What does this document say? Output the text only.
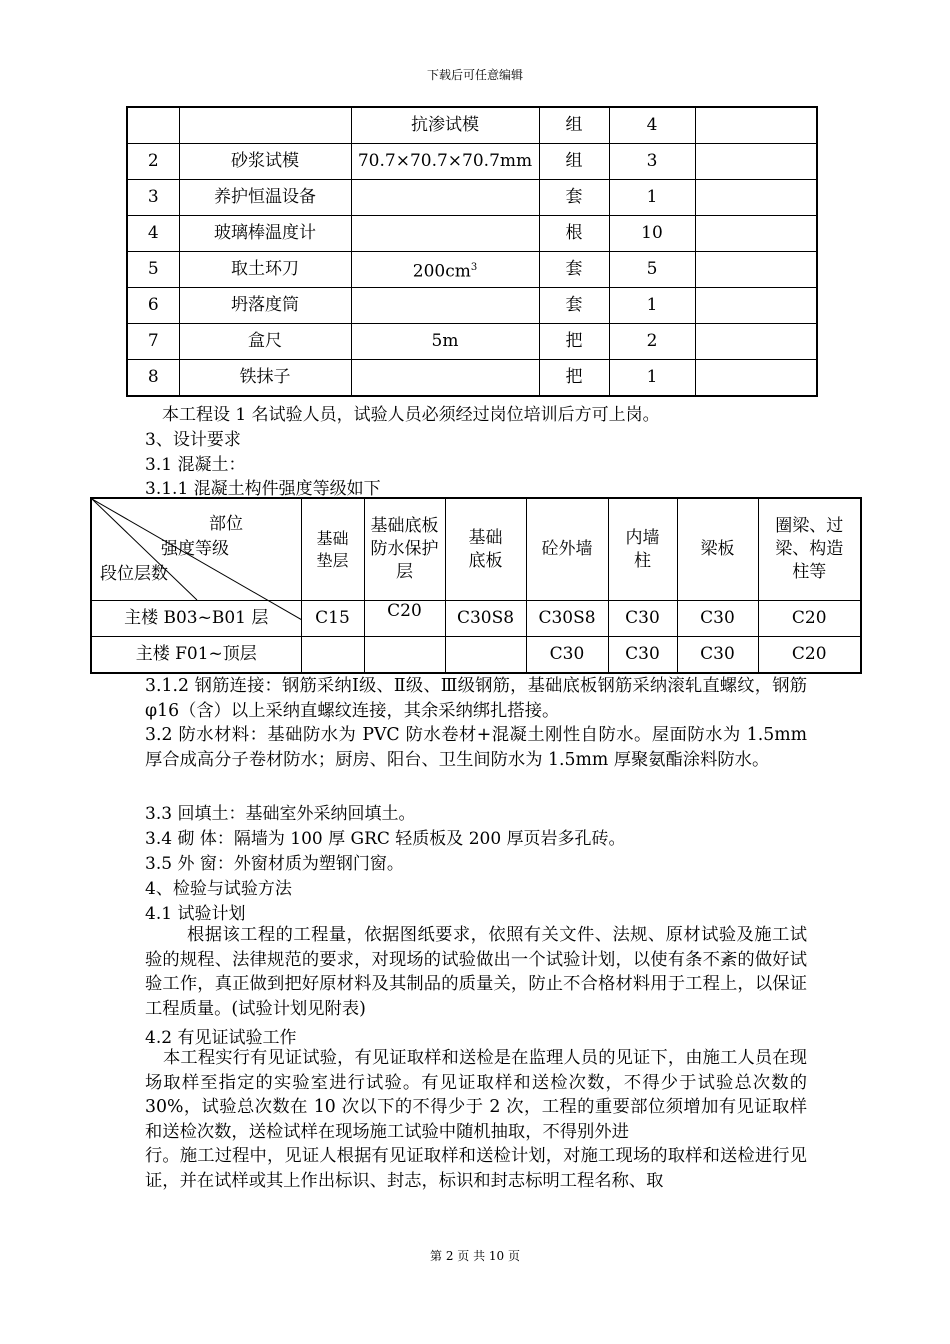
下载后可任意编辑
		抗渗试模	组	4	
2	砂浆试模	70.7×70.7×70.7mm	组	3	
3	养护恒温设备		套	1	
4	玻璃棒温度计		根	10	
5	取土环刀	$200cm^3$	套	5	
6	坍落度筒		套	1	
7	盒尺	5m	把	2	
8	铁抹子		把	1	
本工程设 1 名试验人员，试验人员必须经过岗位培训后方可上岗。
3、设计要求
3.1 混凝土：
3.1.1 混凝土构件强度等级如下
部位
强度等级
段位层数	基础垫层	基础底板防水保护层	基础底板	砼外墙	内墙柱	梁板	圈梁、过梁、构造柱等

主楼 B03~B01 层	C15	C20	C30S8	C30S8	C30	C30	C20
主楼 F01~顶层				C30	C30	C30	C20
3.1.2 钢筋连接：钢筋采纳Ⅰ级、Ⅱ级、Ⅲ级钢筋，基础底板钢筋采纳滚轧直螺纹，钢筋 φ16（含）以上采纳直螺纹连接，其余采纳绑扎搭接。
3.2 防水材料：基础防水为 PVC 防水卷材+混凝土刚性自防水。屋面防水为 1.5mm 厚合成高分子卷材防水；厨房、阳台、卫生间防水为 1.5mm 厚聚氨酯涂料防水。
3.3 回填土：基础室外采纳回填土。
3.4 砌 体：隔墙为 100 厚 GRC 轻质板及 200 厚页岩多孔砖。
3.5 外 窗：外窗材质为塑钢门窗。
4、检验与试验方法
4.1 试验计划
根据该工程的工程量，依据图纸要求，依照有关文件、法规、原材试验及施工试验的规程、法律规范的要求，对现场的试验做出一个试验计划，以使有条不紊的做好试验工作，真正做到把好原材料及其制品的质量关，防止不合格材料用于工程上，以保证工程质量。(试验计划见附表)
4.2 有见证试验工作
本工程实行有见证试验，有见证取样和送检是在监理人员的见证下，由施工人员在现场取样至指定的实验室进行试验。有见证取样和送检次数，不得少于试验总次数的 30%，试验总次数在 10 次以下的不得少于 2 次，工程的重要部位须增加有见证取样和送检次数，送检试样在现场施工试验中随机抽取，不得别外进
行。施工过程中，见证人根据有见证取样和送检计划，对施工现场的取样和送检进行见证，并在试样或其上作出标识、封志，标识和封志标明工程名称、取
第 2 页 共 10 页
